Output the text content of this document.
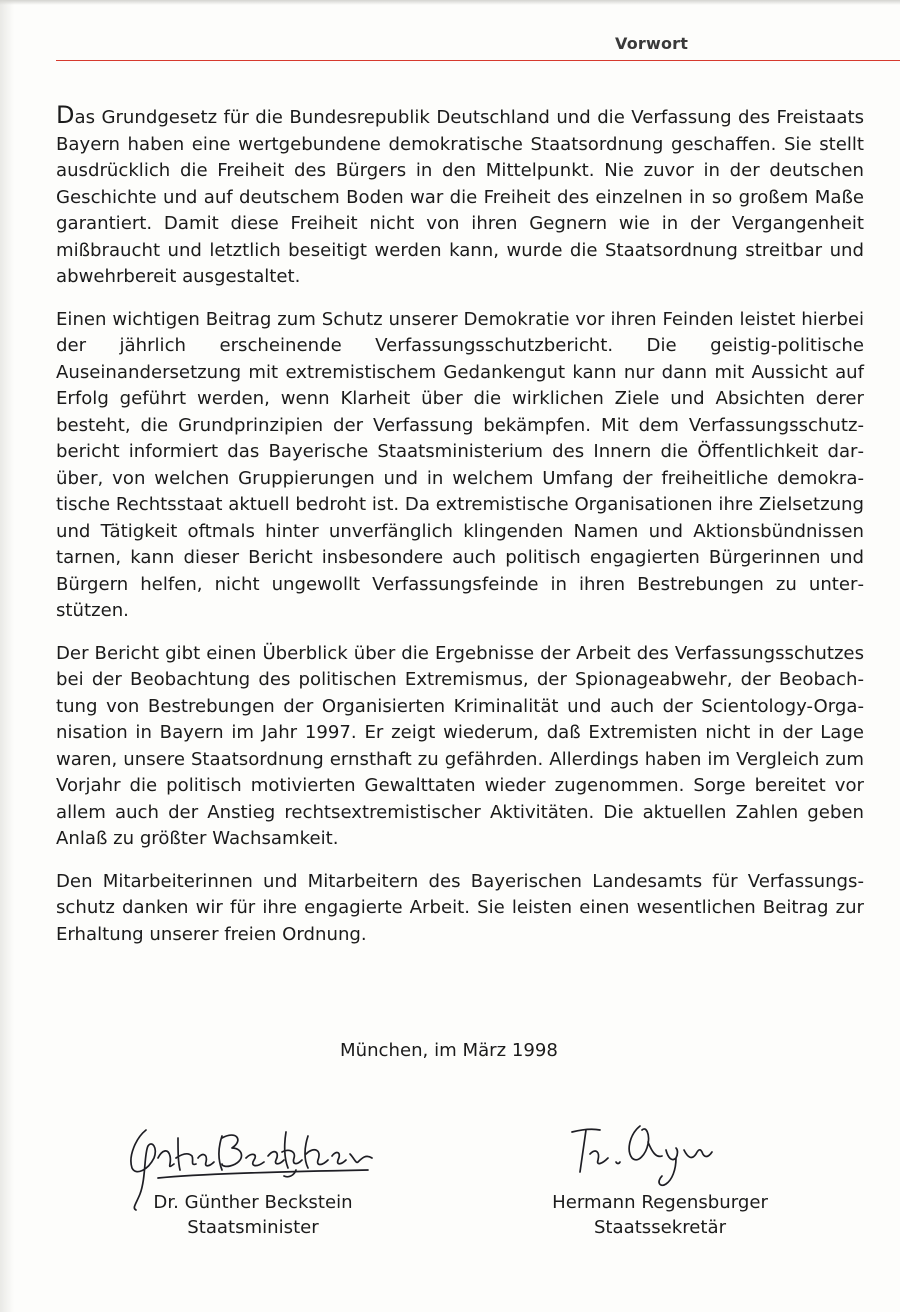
Vorwort

Das Grundgesetz für die Bundesrepublik Deutschland und die Verfassung des Freistaats Bayern haben eine wertgebundene demokratische Staatsordnung geschaffen. Sie stellt ausdrücklich die Freiheit des Bürgers in den Mittelpunkt. Nie zuvor in der deutschen Geschichte und auf deutschem Boden war die Freiheit des einzelnen in so großem Maße garantiert. Damit diese Freiheit nicht von ihren Gegnern wie in der Vergangenheit mißbraucht und letztlich beseitigt werden kann, wurde die Staatsordnung streitbar und abwehrbereit ausgestaltet.

Einen wichtigen Beitrag zum Schutz unserer Demokratie vor ihren Feinden leistet hierbei der jährlich erscheinende Verfassungsschutzbericht. Die geistig-politische Auseinandersetzung mit extremistischem Gedankengut kann nur dann mit Aussicht auf Erfolg geführt werden, wenn Klarheit über die wirklichen Ziele und Absichten derer besteht, die Grundprinzipien der Verfassung bekämpfen. Mit dem Verfassungsschutzbericht informiert das Bayerische Staatsministerium des Innern die Öffentlichkeit darüber, von welchen Gruppierungen und in welchem Umfang der freiheitliche demokratische Rechtsstaat aktuell bedroht ist. Da extremistische Organisationen ihre Zielsetzung und Tätigkeit oftmals hinter unverfänglich klingenden Namen und Aktionsbündnissen tarnen, kann dieser Bericht insbesondere auch politisch engagierten Bürgerinnen und Bürgern helfen, nicht ungewollt Verfassungsfeinde in ihren Bestrebungen zu unterstützen.

Der Bericht gibt einen Überblick über die Ergebnisse der Arbeit des Verfassungsschutzes bei der Beobachtung des politischen Extremismus, der Spionageabwehr, der Beobachtung von Bestrebungen der Organisierten Kriminalität und auch der Scientology-Organisation in Bayern im Jahr 1997. Er zeigt wiederum, daß Extremisten nicht in der Lage waren, unsere Staatsordnung ernsthaft zu gefährden. Allerdings haben im Vergleich zum Vorjahr die politisch motivierten Gewalttaten wieder zugenommen. Sorge bereitet vor allem auch der Anstieg rechtsextremistischer Aktivitäten. Die aktuellen Zahlen geben Anlaß zu größter Wachsamkeit.

Den Mitarbeiterinnen und Mitarbeitern des Bayerischen Landesamts für Verfassungsschutz danken wir für ihre engagierte Arbeit. Sie leisten einen wesentlichen Beitrag zur Erhaltung unserer freien Ordnung.

München, im März 1998
Dr. Günther Beckstein
Staatsminister
Hermann Regensburger
Staatssekretär
